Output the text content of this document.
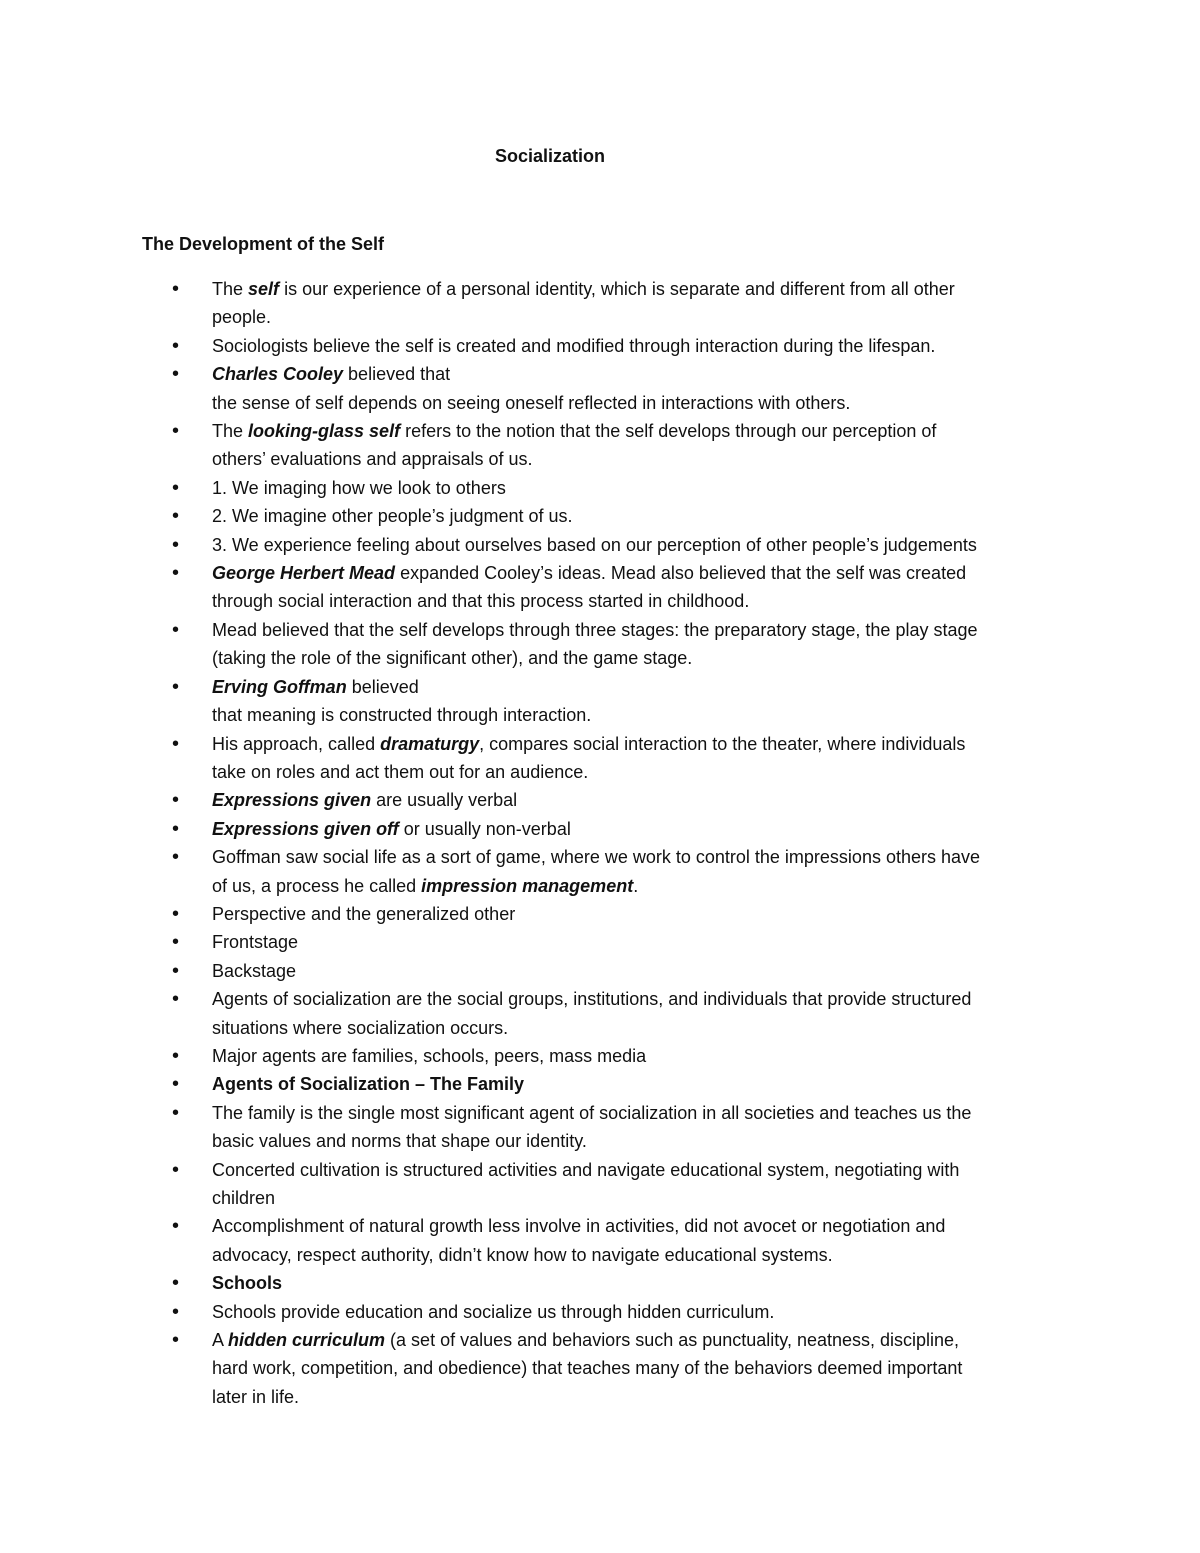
Socialization
The Development of the Self
• The self is our experience of a personal identity, which is separate and different from all other
people.
• Sociologists believe the self is created and modified through interaction during the lifespan.
• Charles Cooley believed that
the sense of self depends on seeing oneself reflected in interactions with others.
• The looking-glass self refers to the notion that the self develops through our perception of
others’ evaluations and appraisals of us.
• 1. We imaging how we look to others
• 2. We imagine other people’s judgment of us.
• 3. We experience feeling about ourselves based on our perception of other people’s judgements
• George Herbert Mead expanded Cooley’s ideas. Mead also believed that the self was created
through social interaction and that this process started in childhood.
• Mead believed that the self develops through three stages: the preparatory stage, the play stage
(taking the role of the significant other), and the game stage.
• Erving Goffman believed
that meaning is constructed through interaction.
• His approach, called dramaturgy, compares social interaction to the theater, where individuals
take on roles and act them out for an audience.
• Expressions given are usually verbal
• Expressions given off or usually non-verbal
• Goffman saw social life as a sort of game, where we work to control the impressions others have
of us, a process he called impression management.
• Perspective and the generalized other
• Frontstage
• Backstage
• Agents of socialization are the social groups, institutions, and individuals that provide structured
situations where socialization occurs.
• Major agents are families, schools, peers, mass media
• Agents of Socialization – The Family
• The family is the single most significant agent of socialization in all societies and teaches us the
basic values and norms that shape our identity.
• Concerted cultivation is structured activities and navigate educational system, negotiating with
children
• Accomplishment of natural growth less involve in activities, did not avocet or negotiation and
advocacy, respect authority, didn’t know how to navigate educational systems.
• Schools
• Schools provide education and socialize us through hidden curriculum.
• A hidden curriculum (a set of values and behaviors such as punctuality, neatness, discipline,
hard work, competition, and obedience) that teaches many of the behaviors deemed important
later in life.
